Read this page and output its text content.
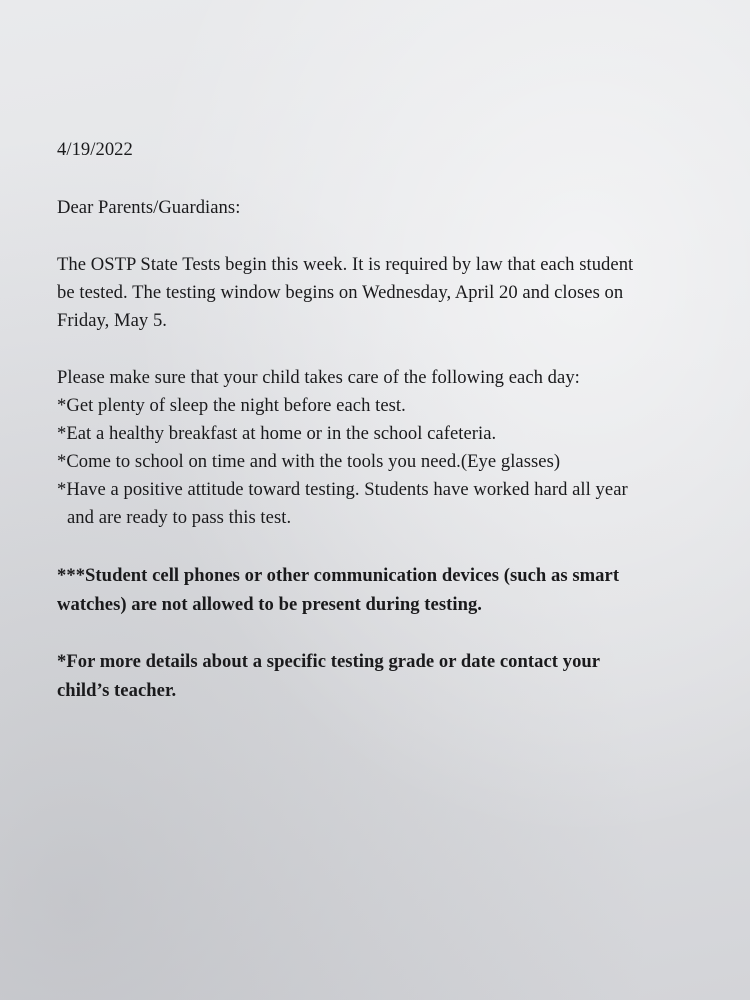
4/19/2022

Dear Parents/Guardians:

The OSTP State Tests begin this week. It is required by law that each student
be tested. The testing window begins on Wednesday, April 20 and closes on
Friday, May 5.

Please make sure that your child takes care of the following each day:
*Get plenty of sleep the night before each test.
*Eat a healthy breakfast at home or in the school cafeteria.
*Come to school on time and with the tools you need.(Eye glasses)
*Have a positive attitude toward testing. Students have worked hard all year
and are ready to pass this test.

***Student cell phones or other communication devices (such as smart
watches) are not allowed to be present during testing.

*For more details about a specific testing grade or date contact your
child’s teacher.
